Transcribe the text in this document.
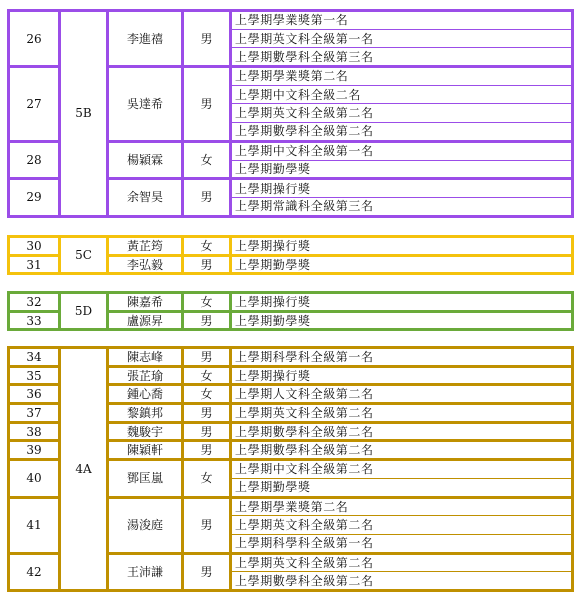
26	5B	李進禧	男	上學期學業獎第一名
				上學期英文科全級第一名
				上學期數學科全級第三名
27		吳達希	男	上學期學業獎第二名
				上學期中文科全級二名
				上學期英文科全級第二名
				上學期數學科全級第二名
28		楊穎霖	女	上學期中文科全級第一名
				上學期勤學獎
29		余智昊	男	上學期操行獎
				上學期常識科全級第三名
30	5C	黃芷筠	女	上學期操行獎
31		李弘毅	男	上學期勤學獎
32	5D	陳嘉希	女	上學期操行獎
33		盧源昇	男	上學期勤學獎
34	4A	陳志峰	男	上學期科學科全級第一名
35		張芷瑜	女	上學期操行獎
36		鍾心喬	女	上學期人文科全級第二名
37		黎鎮邦	男	上學期英文科全級第二名
38		魏駿宇	男	上學期數學科全級第二名
39		陳穎軒	男	上學期數學科全級第二名
40		鄧匡嵐	女	上學期中文科全級第二名
				上學期勤學獎
41		湯浚庭	男	上學期學業獎第二名
				上學期英文科全級第二名
				上學期科學科全級第一名
42		王沛謙	男	上學期英文科全級第二名
				上學期數學科全級第二名
